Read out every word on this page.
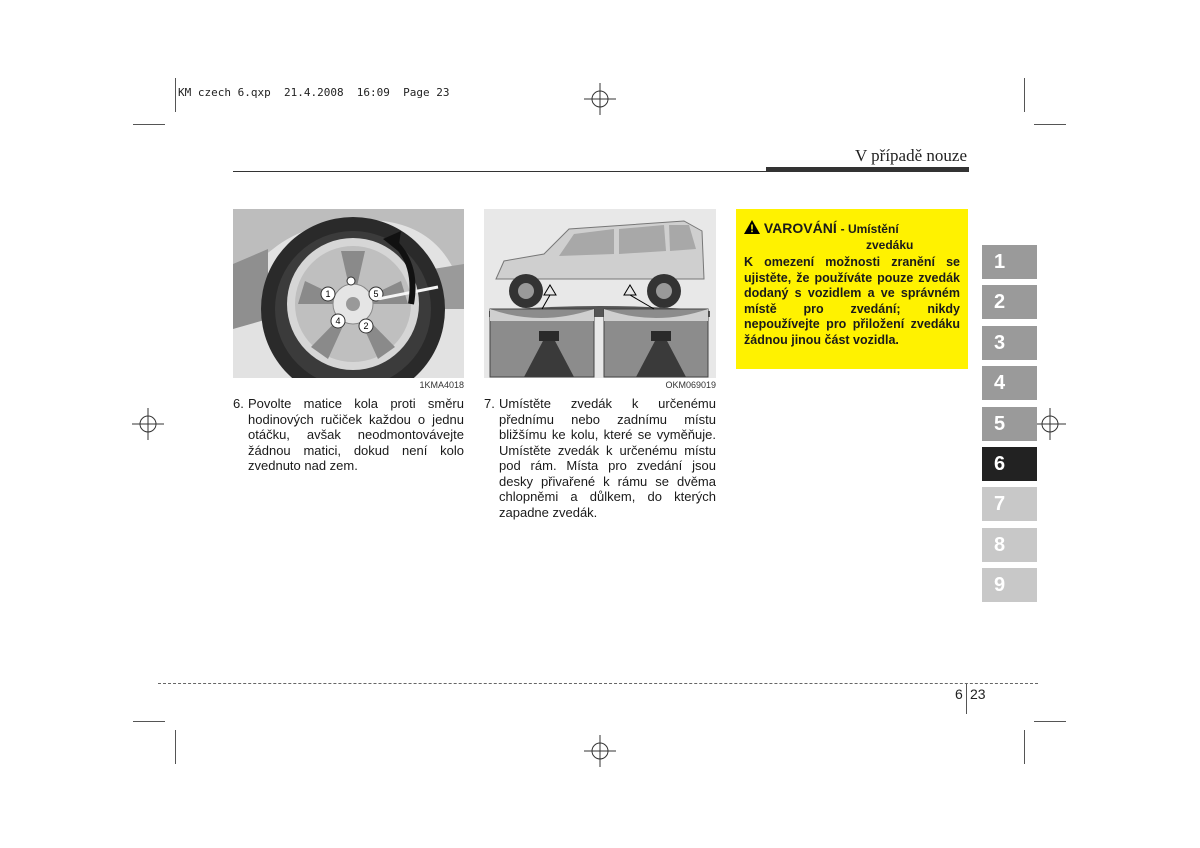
KM czech 6.qxp  21.4.2008  16:09  Page 23
V případě nouze
1	5
4	2
1KMA4018	OKM069019
6. Povolte matice kola proti směru hodinových ručiček každou o jednu otáčku, avšak neodmontovávejte žádnou matici, dokud není kolo zvednuto nad zem.
7. Umístěte zvedák k určenému přednímu nebo zadnímu místu bližšímu ke kolu, které se vyměňuje. Umístěte zvedák k určenému místu pod rám. Místa pro zvedání jsou desky přivařené k rámu se dvěma chlopněmi a důlkem, do kterých zapadne zvedák.
VAROVÁNÍ - Umístění
zvedáku
K omezení možnosti zranění se ujistěte, že používáte pouze zvedák dodaný s vozidlem a ve správném místě pro zvedání; nikdy nepoužívejte pro přiložení zvedáku žádnou jinou část vozidla.
1
2
3
4
5
6
7
8
9
6 23
